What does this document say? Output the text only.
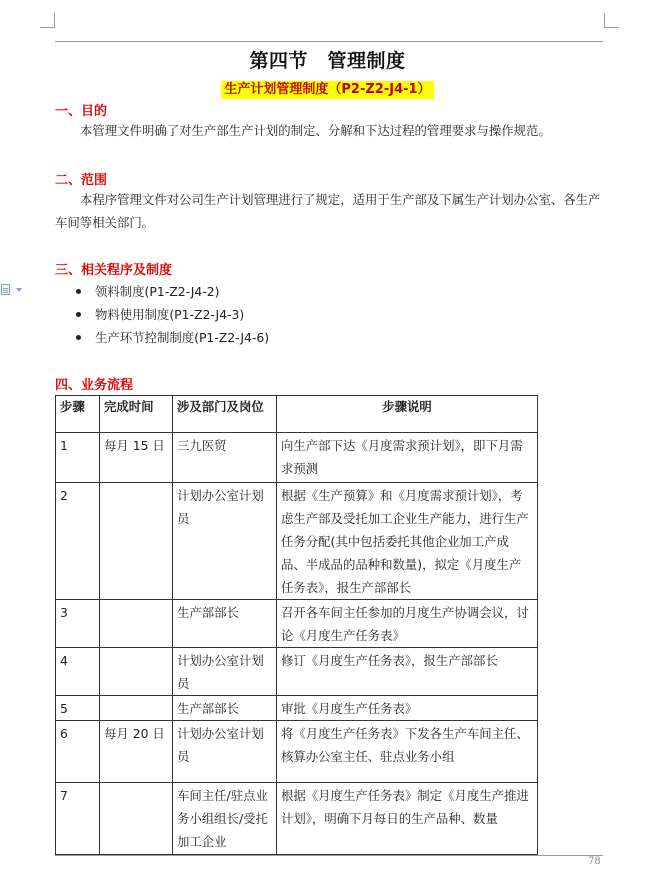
第四节　管理制度
生产计划管理制度（P2-Z2-J4-1）
一、目的
本管理文件明确了对生产部生产计划的制定、分解和下达过程的管理要求与操作规范。
二、范围
本程序管理文件对公司生产计划管理进行了规定，适用于生产部及下属生产计划办公室、各生产车间等相关部门。
三、相关程序及制度
领料制度(P1-Z2-J4-2)
物料使用制度(P1-Z2-J4-3)
生产环节控制制度(P1-Z2-J4-6)
四、业务流程
步骤	完成时间	涉及部门及岗位	步骤说明
1	每月 15 日	三九医贸	向生产部下达《月度需求预计划》，即下月需求预测
2		计划办公室计划员	根据《生产预算》和《月度需求预计划》，考虑生产部及受托加工企业生产能力，进行生产任务分配(其中包括委托其他企业加工产成品、半成品的品种和数量)，拟定《月度生产任务表》，报生产部部长
3		生产部部长	召开各车间主任参加的月度生产协调会议，讨论《月度生产任务表》
4		计划办公室计划员	修订《月度生产任务表》，报生产部部长
5		生产部部长	审批《月度生产任务表》
6	每月 20 日	计划办公室计划员	将《月度生产任务表》下发各生产车间主任、核算办公室主任、驻点业务小组
7		车间主任/驻点业务小组组长/受托加工企业	根据《月度生产任务表》制定《月度生产推进计划》，明确下月每日的生产品种、数量
78
